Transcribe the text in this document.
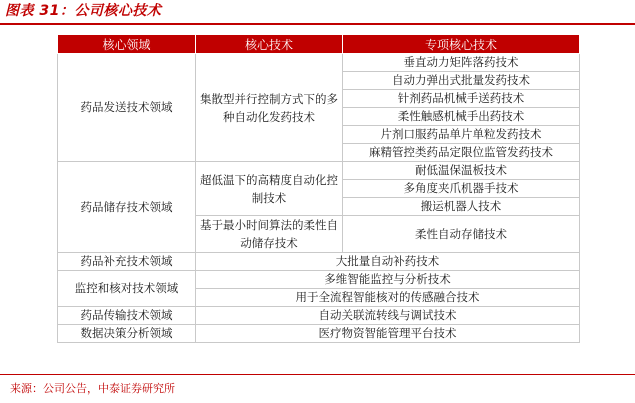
图表 31：公司核心技术
核心领域	核心技术	专项核心技术
药品发送技术领域	集散型并行控制方式下的多种自动化发药技术	垂直动力矩阵落药技术
		自动力弹出式批量发药技术
		针剂药品机械手送药技术
		柔性触感机械手出药技术
		片剂口服药品单片单粒发药技术
		麻精管控类药品定限位监管发药技术
药品储存技术领域	超低温下的高精度自动化控制技术	耐低温保温板技术
		多角度夹爪机器手技术
		搬运机器人技术
	基于最小时间算法的柔性自动储存技术	柔性自动存储技术
药品补充技术领域	大批量自动补药技术	
监控和核对技术领域	多维智能监控与分析技术	
	用于全流程智能核对的传感融合技术	
药品传输技术领域	自动关联流转线与调试技术	
数据决策分析领域	医疗物资智能管理平台技术	
来源：公司公告，中泰证券研究所
